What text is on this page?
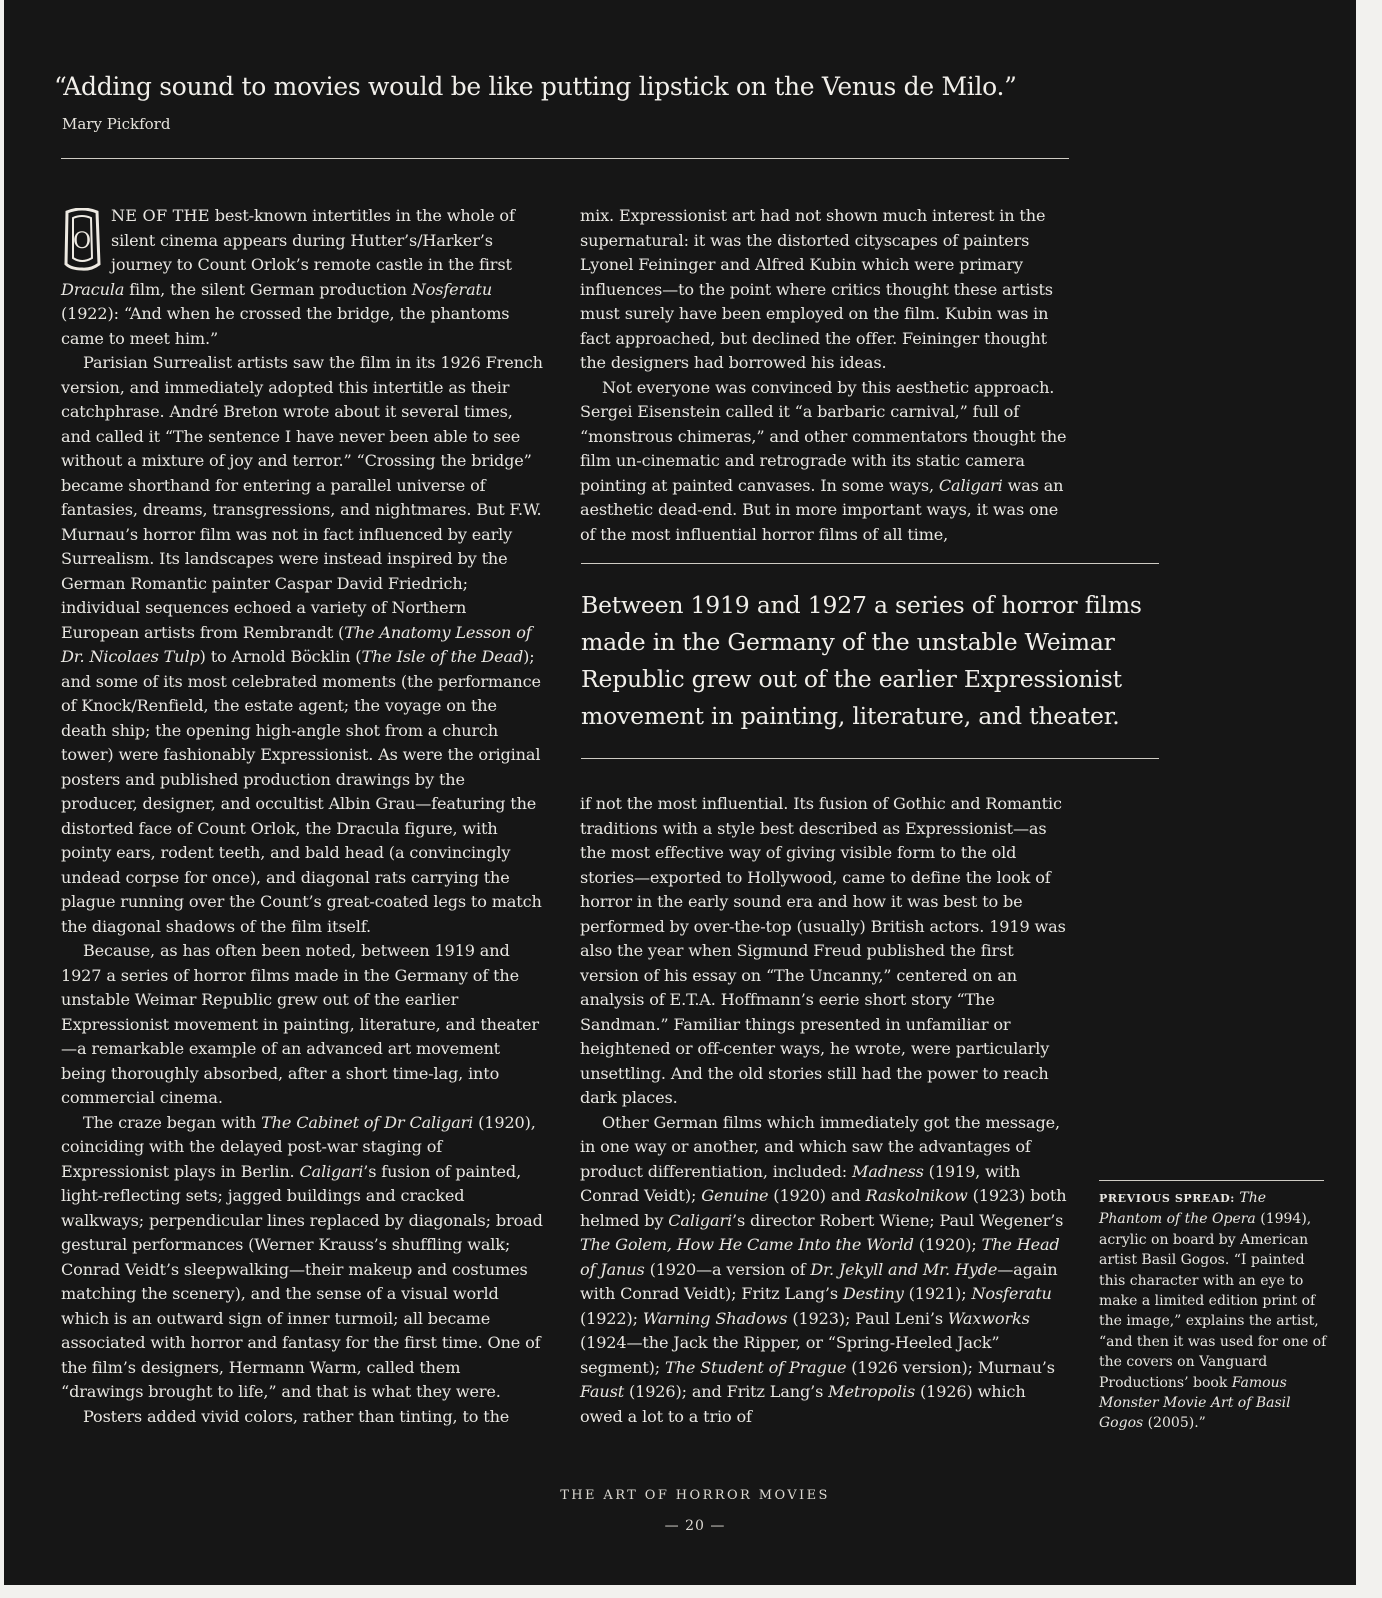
“Adding sound to movies would be like putting lipstick on the Venus de Milo.”
Mary Pickford

O
NE OF THE best-known intertitles in the whole of silent cinema appears during Hutter’s/Harker’s journey to Count Orlok’s remote castle in the first Dracula film, the silent German production Nosferatu (1922): “And when he crossed the bridge, the phantoms came to meet him.”

Parisian Surrealist artists saw the film in its 1926 French version, and immediately adopted this intertitle as their catchphrase. André Breton wrote about it several times, and called it “The sentence I have never been able to see without a mixture of joy and terror.” “Crossing the bridge” became shorthand for entering a parallel universe of fantasies, dreams, transgressions, and nightmares. But F.W. Murnau’s horror film was not in fact influenced by early Surrealism. Its landscapes were instead inspired by the German Romantic painter Caspar David Friedrich; individual sequences echoed a variety of Northern European artists from Rembrandt (The Anatomy Lesson of Dr. Nicolaes Tulp) to Arnold Böcklin (The Isle of the Dead); and some of its most celebrated moments (the performance of Knock/Renfield, the estate agent; the voyage on the death ship; the opening high-angle shot from a church tower) were fashionably Expressionist. As were the original posters and published production drawings by the producer, designer, and occultist Albin Grau—featuring the distorted face of Count Orlok, the Dracula figure, with pointy ears, rodent teeth, and bald head (a convincingly undead corpse for once), and diagonal rats carrying the plague running over the Count’s great-coated legs to match the diagonal shadows of the film itself.

Because, as has often been noted, between 1919 and 1927 a series of horror films made in the Germany of the unstable Weimar Republic grew out of the earlier Expressionist movement in painting, literature, and theater—a remarkable example of an advanced art movement being thoroughly absorbed, after a short time-lag, into commercial cinema.

The craze began with The Cabinet of Dr Caligari (1920), coinciding with the delayed post-war staging of Expressionist plays in Berlin. Caligari’s fusion of painted, light-reflecting sets; jagged buildings and cracked walkways; perpendicular lines replaced by diagonals; broad gestural performances (Werner Krauss’s shuffling walk; Conrad Veidt’s sleepwalking—their makeup and costumes matching the scenery), and the sense of a visual world which is an outward sign of inner turmoil; all became associated with horror and fantasy for the first time. One of the film’s designers, Hermann Warm, called them “drawings brought to life,” and that is what they were.

Posters added vivid colors, rather than tinting, to the

mix. Expressionist art had not shown much interest in the supernatural: it was the distorted cityscapes of painters Lyonel Feininger and Alfred Kubin which were primary influences—to the point where critics thought these artists must surely have been employed on the film. Kubin was in fact approached, but declined the offer. Feininger thought the designers had borrowed his ideas.

Not everyone was convinced by this aesthetic approach. Sergei Eisenstein called it “a barbaric carnival,” full of “monstrous chimeras,” and other commentators thought the film un-cinematic and retrograde with its static camera pointing at painted canvases. In some ways, Caligari was an aesthetic dead-end. But in more important ways, it was one of the most influential horror films of all time,

Between 1919 and 1927 a series of horror films made in the Germany of the unstable Weimar Republic grew out of the earlier Expressionist movement in painting, literature, and theater.

if not the most influential. Its fusion of Gothic and Romantic traditions with a style best described as Expressionist—as the most effective way of giving visible form to the old stories—exported to Hollywood, came to define the look of horror in the early sound era and how it was best to be performed by over-the-top (usually) British actors. 1919 was also the year when Sigmund Freud published the first version of his essay on “The Uncanny,” centered on an analysis of E.T.A. Hoffmann’s eerie short story “The Sandman.” Familiar things presented in unfamiliar or heightened or off-center ways, he wrote, were particularly unsettling. And the old stories still had the power to reach dark places.

Other German films which immediately got the message, in one way or another, and which saw the advantages of product differentiation, included: Madness (1919, with Conrad Veidt); Genuine (1920) and Raskolnikow (1923) both helmed by Caligari’s director Robert Wiene; Paul Wegener’s The Golem, How He Came Into the World (1920); The Head of Janus (1920—a version of Dr. Jekyll and Mr. Hyde—again with Conrad Veidt); Fritz Lang’s Destiny (1921); Nosferatu (1922); Warning Shadows (1923); Paul Leni’s Waxworks (1924—the Jack the Ripper, or “Spring-Heeled Jack” segment); The Student of Prague (1926 version); Murnau’s Faust (1926); and Fritz Lang’s Metropolis (1926) which owed a lot to a trio of

PREVIOUS SPREAD: The Phantom of the Opera (1994), acrylic on board by American artist Basil Gogos. “I painted this character with an eye to make a limited edition print of the image,” explains the artist, “and then it was used for one of the covers on Vanguard Productions’ book Famous Monster Movie Art of Basil Gogos (2005).”
THE ART OF HORROR MOVIES
— 20 —
